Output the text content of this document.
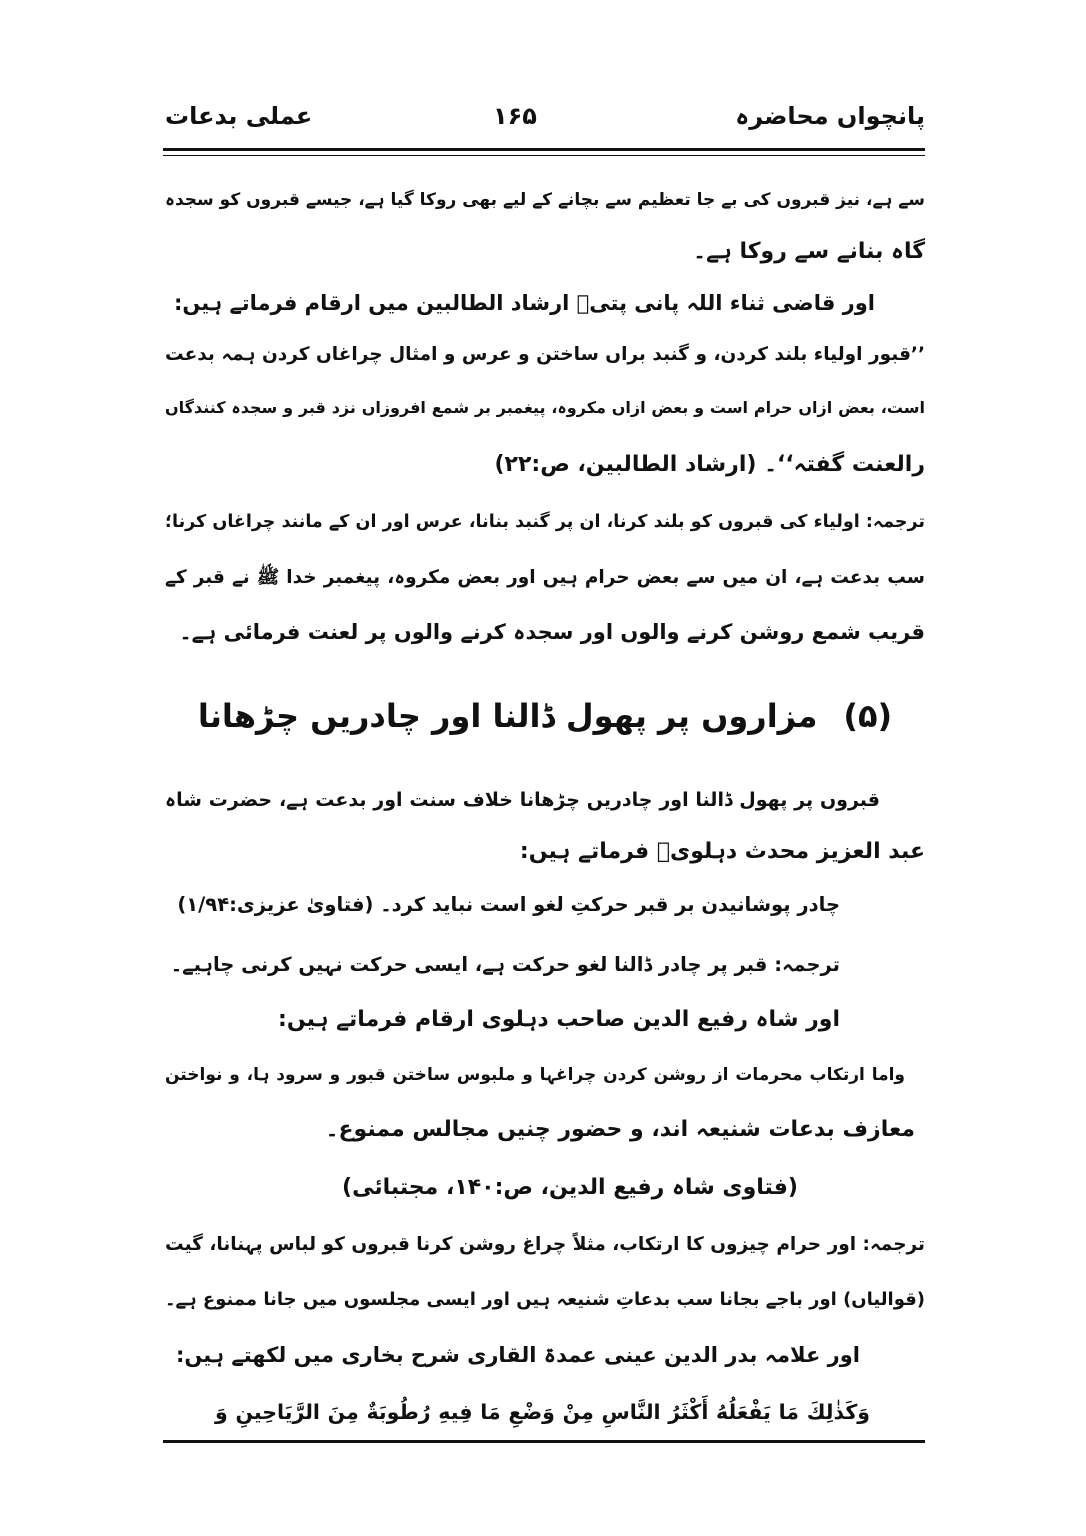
پانچواں محاضرہ
۱۶۵
عملی بدعات
سے ہے، نیز قبروں کی بے جا تعظیم سے بچانے کے لیے بھی روکا گیا ہے، جیسے قبروں کو سجدہ
گاہ بنانے سے روکا ہے۔
اور قاضی ثناء اللہ پانی پتیؒ ارشاد الطالبین میں ارقام فرماتے ہیں:
’’قبور اولیاء بلند کردن، و گنبد براں ساختن و عرس و امثال چراغاں کردن ہمہ بدعت
است، بعض ازاں حرام است و بعض ازاں مکروہ، پیغمبر بر شمع افروزاں نزد قبر و سجدہ کنندگاں
رالعنت گفتہ‘‘۔ (ارشاد الطالبین، ص:۲۲)
ترجمہ: اولیاء کی قبروں کو بلند کرنا، ان پر گنبد بنانا، عرس اور ان کے مانند چراغاں کرنا؛
سب بدعت ہے، ان میں سے بعض حرام ہیں اور بعض مکروہ، پیغمبر خدا ﷺ نے قبر کے
قریب شمع روشن کرنے والوں اور سجدہ کرنے والوں پر لعنت فرمائی ہے۔
(۵)مزاروں پر پھول ڈالنا اور چادریں چڑھانا
قبروں پر پھول ڈالنا اور چادریں چڑھانا خلاف سنت اور بدعت ہے، حضرت شاہ
عبد العزیز محدث دہلویؒ فرماتے ہیں:
چادر پوشانیدن بر قبر حرکتِ لغو است نباید کرد۔ (فتاویٰ عزیزی:۱/۹۴)
ترجمہ: قبر پر چادر ڈالنا لغو حرکت ہے، ایسی حرکت نہیں کرنی چاہیے۔
اور شاہ رفیع الدین صاحب دہلوی ارقام فرماتے ہیں:
واما ارتکاب محرمات از روشن کردن چراغہا و ملبوس ساختن قبور و سرود ہا، و نواختن
معازف بدعات شنیعہ اند، و حضور چنیں مجالس ممنوع۔
(فتاوی شاہ رفیع الدین، ص:۱۴۰، مجتبائی)
ترجمہ: اور حرام چیزوں کا ارتکاب، مثلاً چراغ روشن کرنا قبروں کو لباس پہنانا، گیت
(قوالیاں) اور باجے بجانا سب بدعاتِ شنیعہ ہیں اور ایسی مجلسوں میں جانا ممنوع ہے۔
اور علامہ بدر الدین عینی عمدۃ القاری شرح بخاری میں لکھتے ہیں:
وَكَذٰلِكَ مَا يَفْعَلُهُ أَكْثَرُ النَّاسِ مِنْ وَضْعِ مَا فِيهِ رُطُوبَةٌ مِنَ الرَّيَاحِينِ وَ
